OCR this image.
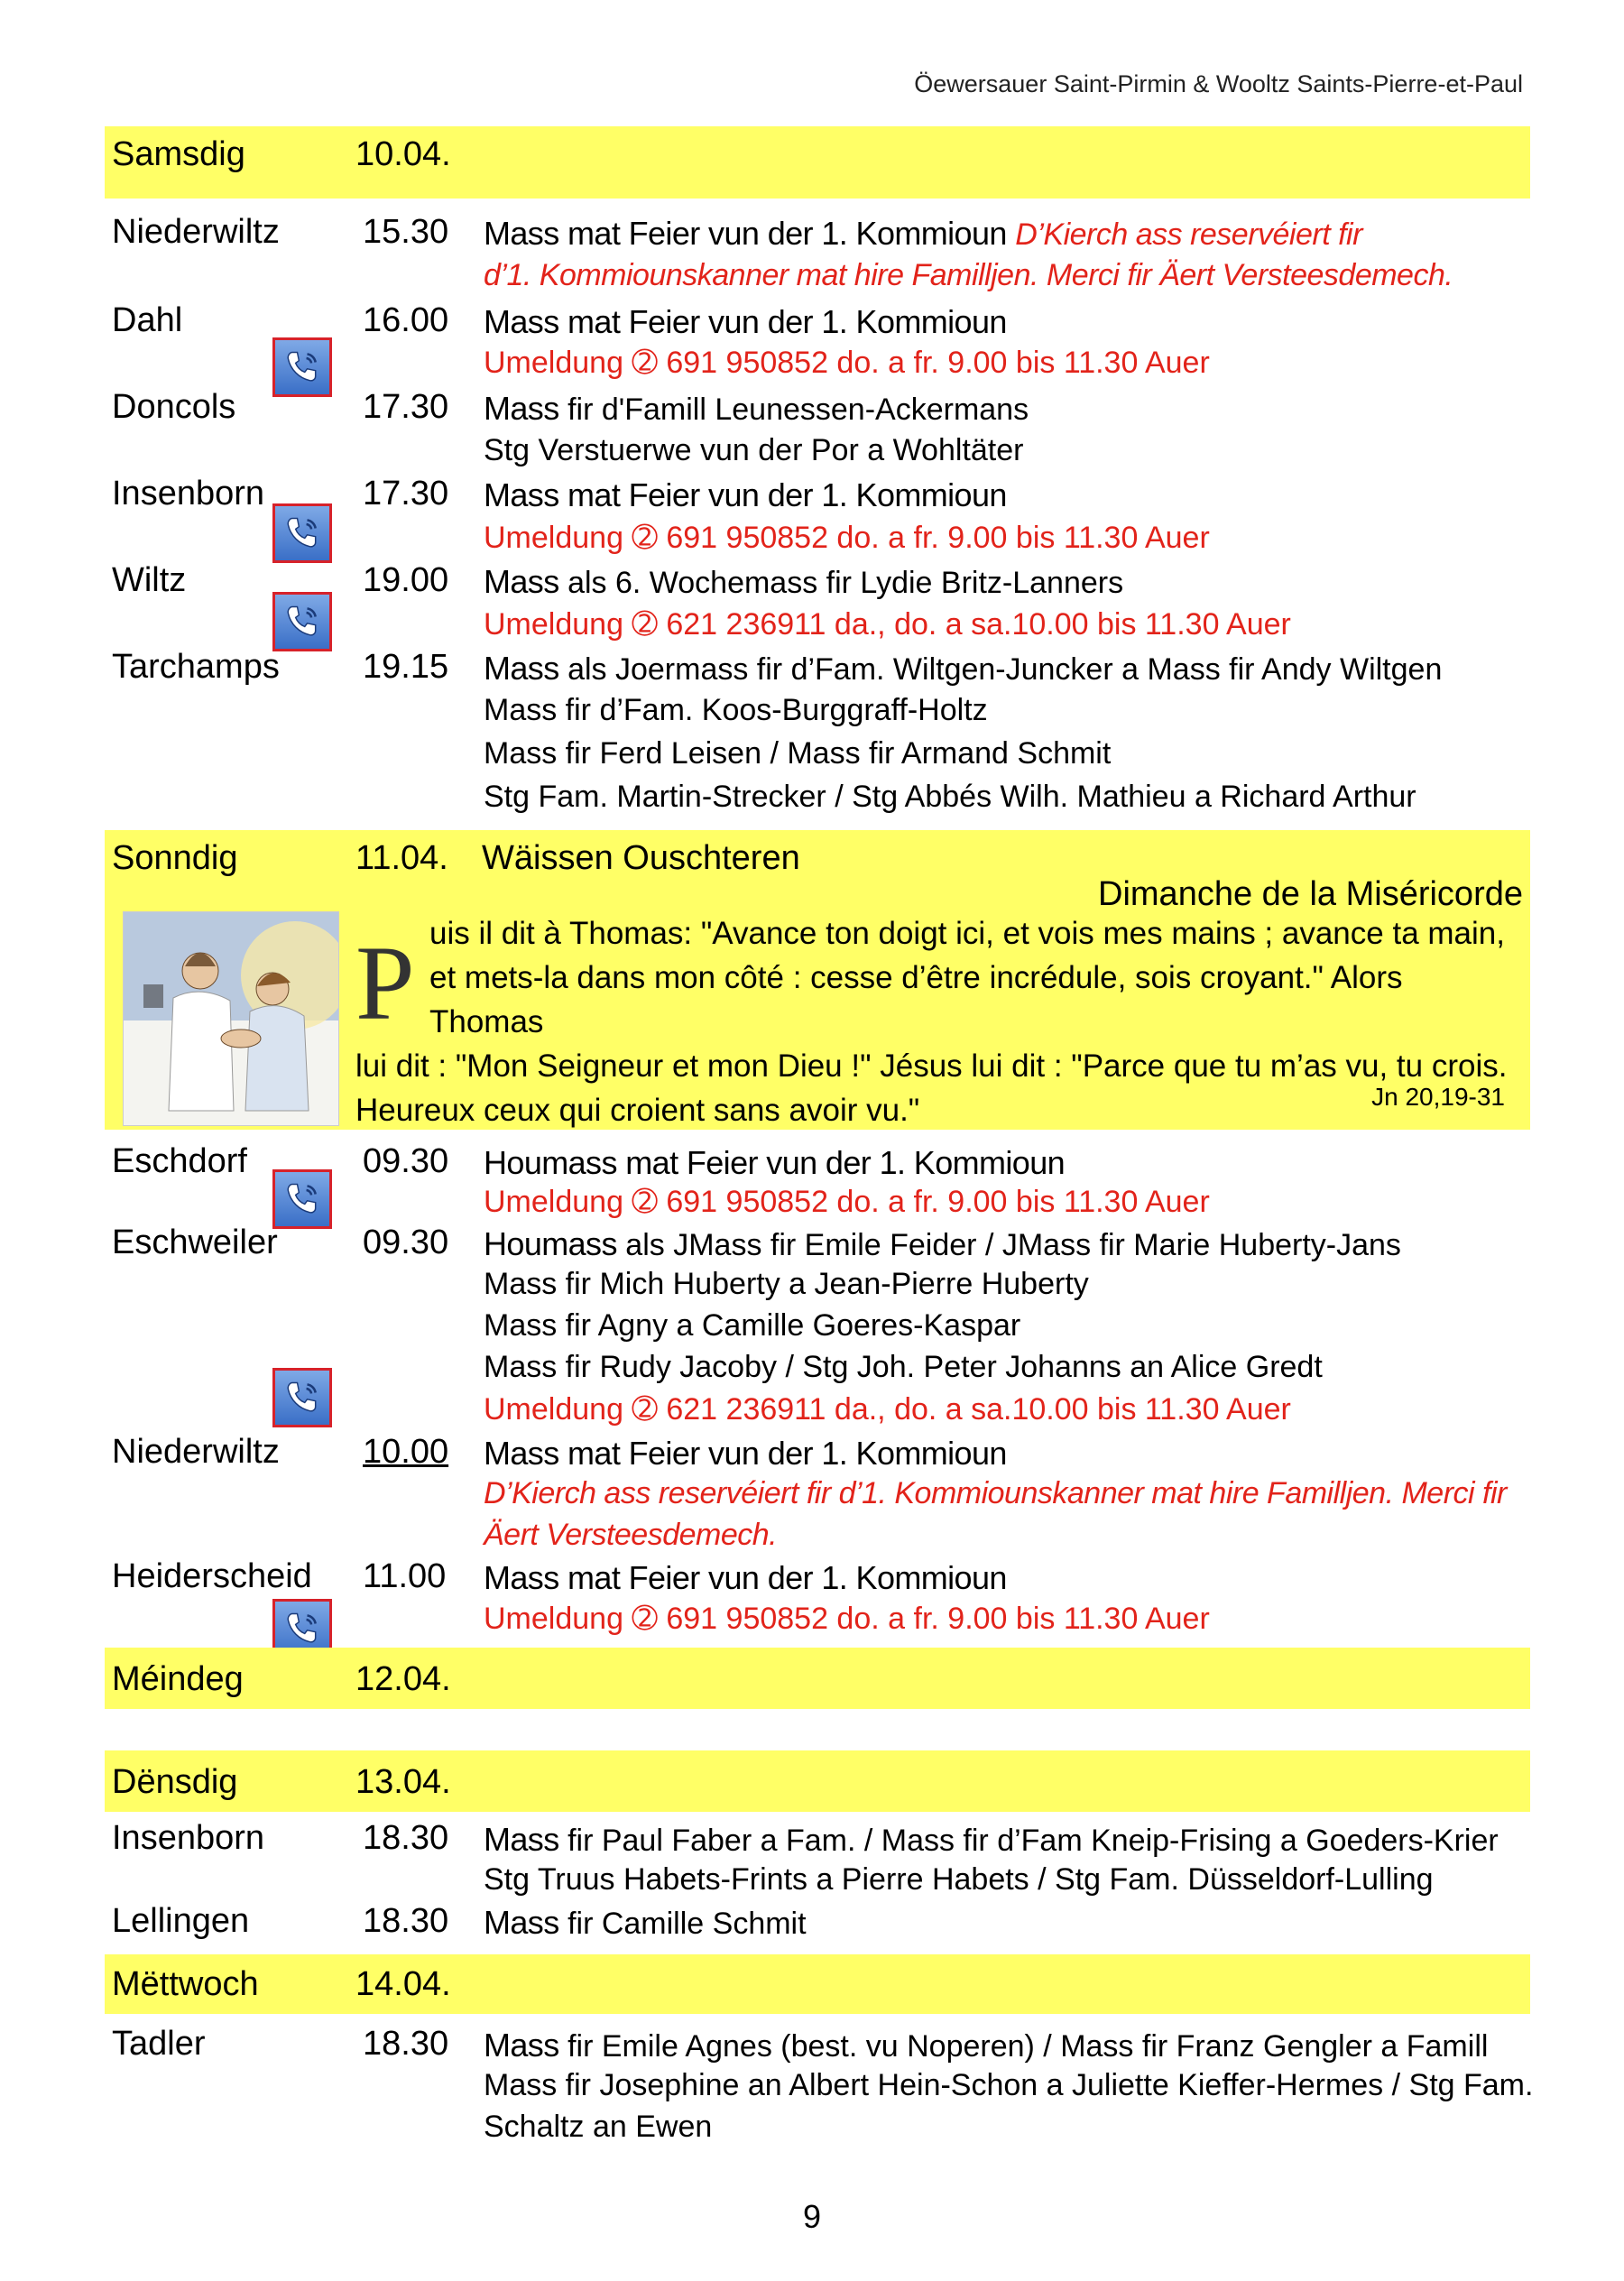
Öewersauer Saint-Pirmin & Wooltz Saints-Pierre-et-Paul
Samsdig	10.04.
Niederwiltz 15.30 Mass mat Feier vun der 1. Kommioun D’Kierch ass reservéiert fir
d’1. Kommiounskanner mat hire Familljen. Merci fir Äert Versteesdemech.
Dahl	16.00 Mass mat Feier vun der 1. Kommioun
Umeldung ➁ 691 950852 do. a fr. 9.00 bis 11.30 Auer
Doncols	17.30 Mass fir d'Famill Leunessen-Ackermans
Stg Verstuerwe vun der Por a Wohltäter
Insenborn	17.30 Mass mat Feier vun der 1. Kommioun
Umeldung ➁ 691 950852 do. a fr. 9.00 bis 11.30 Auer
Wiltz	19.00 Mass als 6. Wochemass fir Lydie Britz-Lanners
Umeldung ➁ 621 236911 da., do. a sa.10.00 bis 11.30 Auer
Tarchamps 19.15 Mass als Joermass fir d’Fam. Wiltgen-Juncker a Mass fir Andy Wiltgen
Mass fir d’Fam. Koos-Burggraff-Holtz
Mass fir Ferd Leisen / Mass fir Armand Schmit
Stg Fam. Martin-Strecker / Stg Abbés Wilh. Mathieu a Richard Arthur
Sonndig	11.04. Wäissen Ouschteren
Dimanche de la Miséricorde
P uis il dit à Thomas: "Avance ton doigt ici, et vois mes mains ; avance ta main,
et mets-la dans mon côté : cesse d’être incrédule, sois croyant." Alors Thomas
lui dit : "Mon Seigneur et mon Dieu !" Jésus lui dit : "Parce que tu m’as vu, tu crois.
Heureux ceux qui croient sans avoir vu."	Jn 20,19-31
Eschdorf	09.30 Houmass mat Feier vun der 1. Kommioun
Umeldung ➁ 691 950852 do. a fr. 9.00 bis 11.30 Auer
Eschweiler 09.30 Houmass als JMass fir Emile Feider / JMass fir Marie Huberty-Jans
Mass fir Mich Huberty a Jean-Pierre Huberty
Mass fir Agny a Camille Goeres-Kaspar
Mass fir Rudy Jacoby / Stg Joh. Peter Johanns an Alice Gredt
Umeldung ➁ 621 236911 da., do. a sa.10.00 bis 11.30 Auer
Niederwiltz 10.00 Mass mat Feier vun der 1. Kommioun
D’Kierch ass reservéiert fir d’1. Kommiounskanner mat hire Familljen. Merci fir
Äert Versteesdemech.
Heiderscheid 11.00 Mass mat Feier vun der 1. Kommioun
Umeldung ➁ 691 950852 do. a fr. 9.00 bis 11.30 Auer
Méindeg	12.04.
Dënsdig	13.04.
Insenborn	18.30 Mass fir Paul Faber a Fam. / Mass fir d’Fam Kneip-Frising a Goeders-Krier
Stg Truus Habets-Frints a Pierre Habets / Stg Fam. Düsseldorf-Lulling
Lellingen	18.30 Mass fir Camille Schmit
Mëttwoch	14.04.
Tadler	18.30 Mass fir Emile Agnes (best. vu Noperen) / Mass fir Franz Gengler a Famill
Mass fir Josephine an Albert Hein-Schon a Juliette Kieffer-Hermes / Stg Fam.
Schaltz an Ewen
9
